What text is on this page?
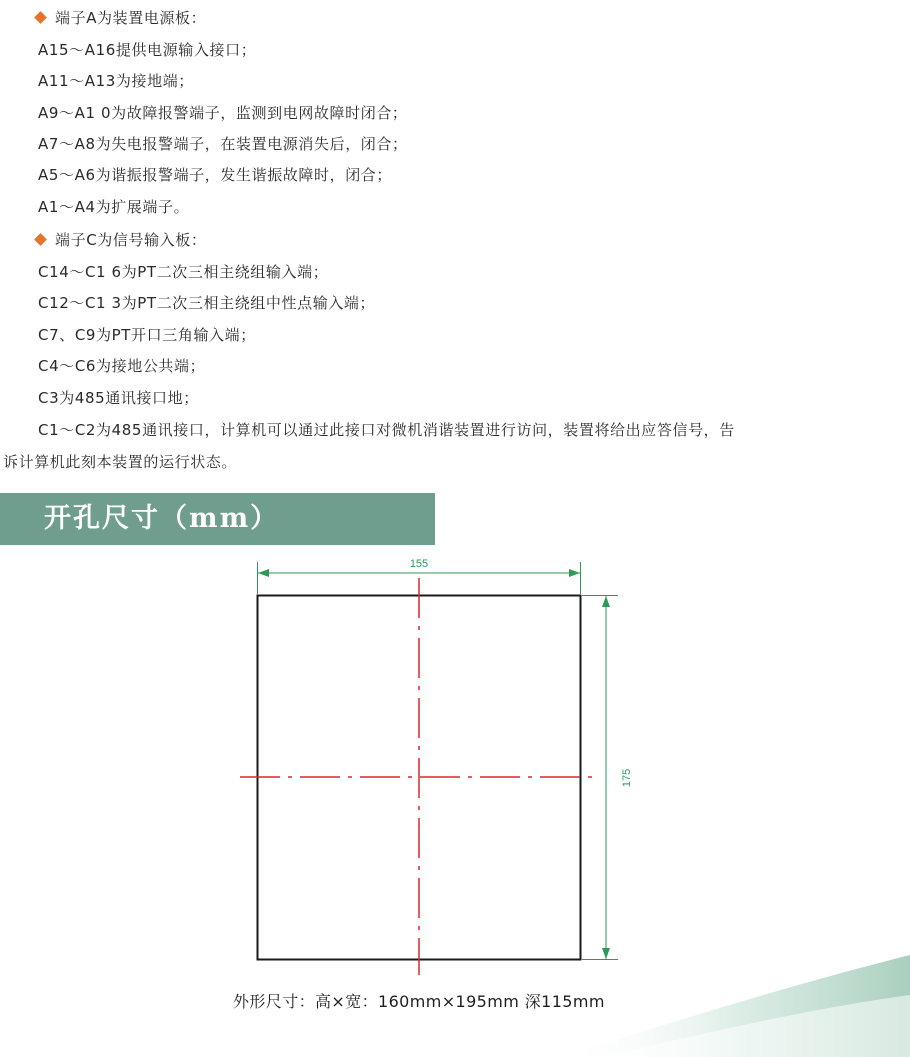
端子A为装置电源板：
A15～A16提供电源输入接口；
A11～A13为接地端；
A9～A1 0为故障报警端子，监测到电网故障时闭合；
A7～A8为失电报警端子，在装置电源消失后，闭合；
A5～A6为谐振报警端子，发生谐振故障时，闭合；
A1～A4为扩展端子。
端子C为信号输入板：
C14～C1 6为PT二次三相主绕组输入端；
C12～C1 3为PT二次三相主绕组中性点输入端；
C7、C9为PT开口三角输入端；
C4～C6为接地公共端；
C3为485通讯接口地；
C1～C2为485通讯接口，计算机可以通过此接口对微机消谐装置进行访问，装置将给出应答信号，告
诉计算机此刻本装置的运行状态。
开孔尺寸（mm）
155
175
外形尺寸：高×宽：160mm×195mm 深115mm
